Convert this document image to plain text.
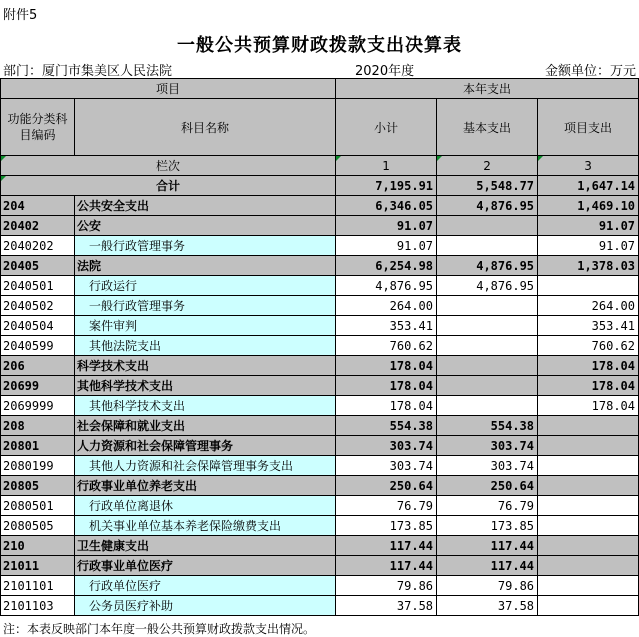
附件5
一般公共预算财政拨款支出决算表
部门：厦门市集美区人民法院	2020年度	金额单位：万元
项目		本年支出		
功能分类科目编码	科目名称	小计	基本支出	项目支出
栏次		1	2	3
合计		7,195.91	5,548.77	1,647.14
204	公共安全支出	6,346.05	4,876.95	1,469.10
20402	公安	91.07		91.07
2040202	一般行政管理事务	91.07		91.07
20405	法院	6,254.98	4,876.95	1,378.03
2040501	行政运行	4,876.95	4,876.95	
2040502	一般行政管理事务	264.00		264.00
2040504	案件审判	353.41		353.41
2040599	其他法院支出	760.62		760.62
206	科学技术支出	178.04		178.04
20699	其他科学技术支出	178.04		178.04
2069999	其他科学技术支出	178.04		178.04
208	社会保障和就业支出	554.38	554.38	
20801	人力资源和社会保障管理事务	303.74	303.74	
2080199	其他人力资源和社会保障管理事务支出	303.74	303.74	
20805	行政事业单位养老支出	250.64	250.64	
2080501	行政单位离退休	76.79	76.79	
2080505	机关事业单位基本养老保险缴费支出	173.85	173.85	
210	卫生健康支出	117.44	117.44	
21011	行政事业单位医疗	117.44	117.44	
2101101	行政单位医疗	79.86	79.86	
2101103	公务员医疗补助	37.58	37.58	
注：本表反映部门本年度一般公共预算财政拨款支出情况。
